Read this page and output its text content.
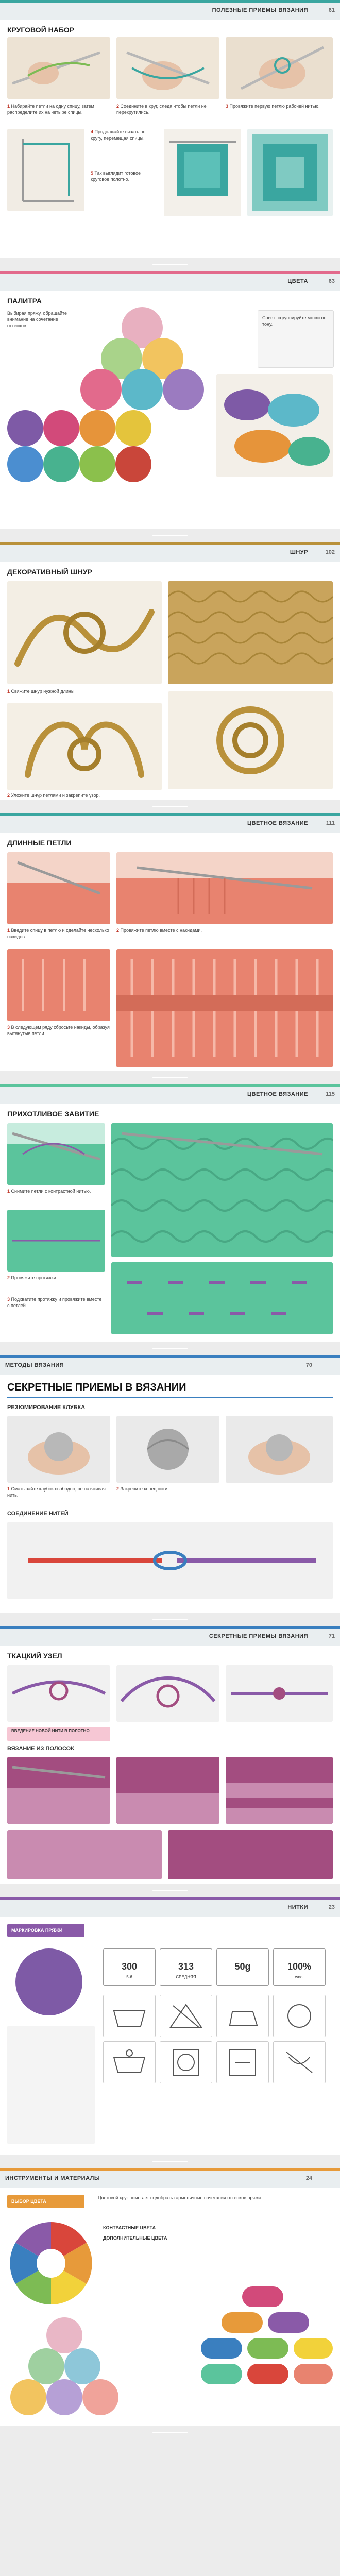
ПОЛЕЗНЫЕ ПРИЕМЫ ВЯЗАНИЯ	61
КРУГОВОЙ НАБОР
1 Набирайте петли на одну спицу, затем распределите их на четыре спицы.
2 Соедините в круг, следя чтобы петли не перекрутились.
3 Провяжите первую петлю рабочей нитью.
4 Продолжайте вязать по кругу, перемещая спицы.
5 Так выглядит готовое круговое полотно.
ЦВЕТА	63
ПАЛИТРА
Выбирая пряжу, обращайте внимание на сочетание оттенков.
Совет: сгруппируйте мотки по тону.
ШНУР	102
ДЕКОРАТИВНЫЙ ШНУР
1 Свяжите шнур нужной длины.
2 Уложите шнур петлями и закрепите узор.
ЦВЕТНОЕ ВЯЗАНИЕ	111
ДЛИННЫЕ ПЕТЛИ
1 Введите спицу в петлю и сделайте несколько накидов.
2 Провяжите петлю вместе с накидами.
3 В следующем ряду сбросьте накиды, образуя вытянутые петли.
ЦВЕТНОЕ ВЯЗАНИЕ	115
ПРИХОТЛИВОЕ ЗАВИТИЕ
1 Снимите петли с контрастной нитью.
2 Провяжите протяжки.
3 Подхватите протяжку и провяжите вместе с петлей.
МЕТОДЫ ВЯЗАНИЯ	70
СЕКРЕТНЫЕ ПРИЕМЫ В ВЯЗАНИИ
РЕЗЮМИРОВАНИЕ КЛУБКА
1 Сматывайте клубок свободно, не натягивая нить.
2 Закрепите конец нити.
СОЕДИНЕНИЕ НИТЕЙ
СЕКРЕТНЫЕ ПРИЕМЫ ВЯЗАНИЯ	71
ТКАЦКИЙ УЗЕЛ
ВВЕДЕНИЕ НОВОЙ НИТИ В ПОЛОТНО
ВЯЗАНИЕ ИЗ ПОЛОСОК
НИТКИ	23
МАРКИРОВКА ПРЯЖИ
300
5-6
313
СРЕДНЯЯ
50g	100%
wool
ИНСТРУМЕНТЫ И МАТЕРИАЛЫ	24
ВЫБОР ЦВЕТА
Цветовой круг помогает подобрать гармоничные сочетания оттенков пряжи.
КОНТРАСТНЫЕ ЦВЕТА
ДОПОЛНИТЕЛЬНЫЕ ЦВЕТА
